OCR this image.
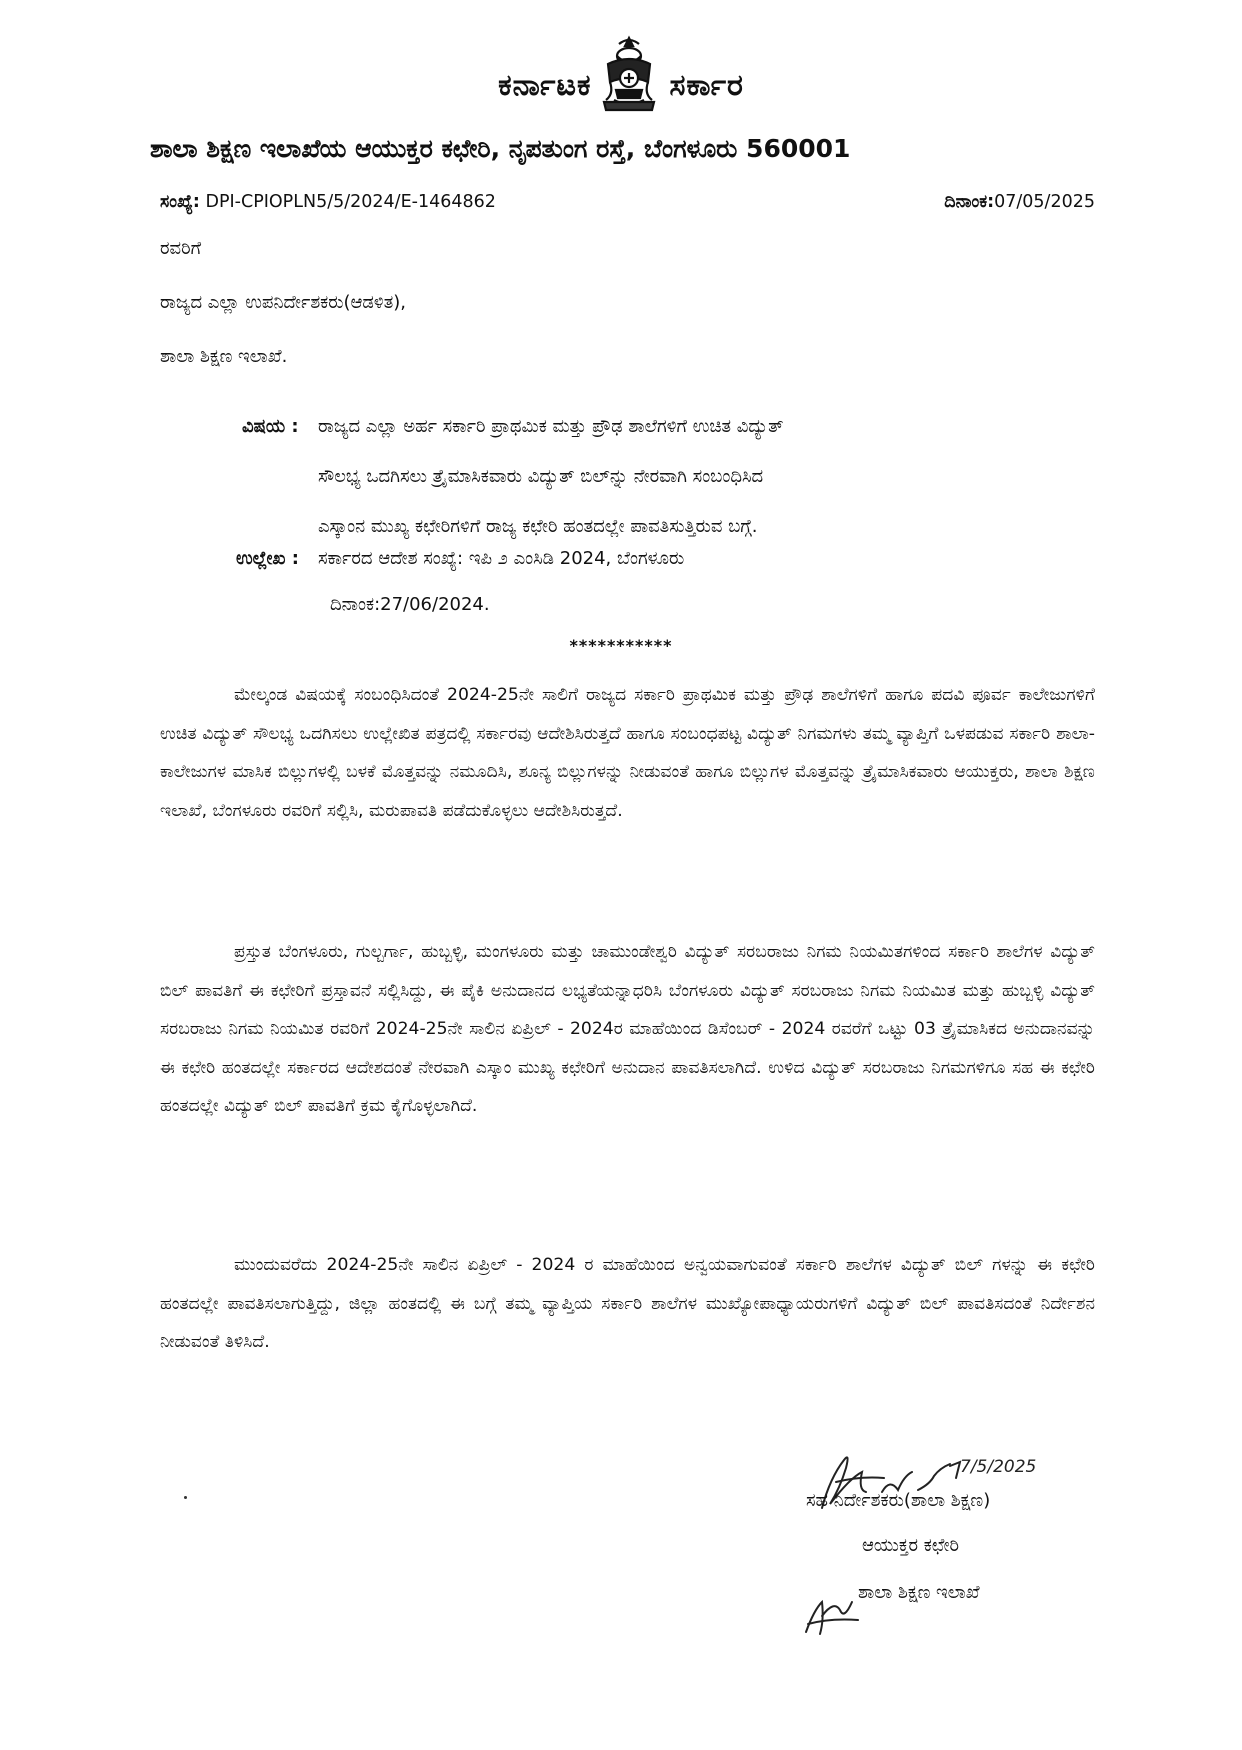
ಕರ್ನಾಟಕ	ಸರ್ಕಾರ
ಶಾಲಾ ಶಿಕ್ಷಣ ಇಲಾಖೆಯ ಆಯುಕ್ತರ ಕಛೇರಿ, ನೃಪತುಂಗ ರಸ್ತೆ, ಬೆಂಗಳೂರು 560001
ಸಂಖ್ಯೆ: DPI-CPIOPLN5/5/2024/E-1464862	ದಿನಾಂಕ:07/05/2025
ರವರಿಗೆ
ರಾಜ್ಯದ ಎಲ್ಲಾ ಉಪನಿರ್ದೇಶಕರು(ಆಡಳಿತ),
ಶಾಲಾ ಶಿಕ್ಷಣ ಇಲಾಖೆ.
ವಿಷಯ : ರಾಜ್ಯದ ಎಲ್ಲಾ ಅರ್ಹ ಸರ್ಕಾರಿ ಪ್ರಾಥಮಿಕ ಮತ್ತು ಪ್ರೌಢ ಶಾಲೆಗಳಿಗೆ ಉಚಿತ ವಿದ್ಯುತ್
ಸೌಲಭ್ಯ ಒದಗಿಸಲು ತ್ರೈಮಾಸಿಕವಾರು ವಿದ್ಯುತ್ ಬಿಲ್‌ನ್ನು ನೇರವಾಗಿ ಸಂಬಂಧಿಸಿದ
ಎಸ್ಕಾಂನ ಮುಖ್ಯ ಕಛೇರಿಗಳಿಗೆ ರಾಜ್ಯ ಕಛೇರಿ ಹಂತದಲ್ಲೇ ಪಾವತಿಸುತ್ತಿರುವ ಬಗ್ಗೆ.
ಉಲ್ಲೇಖ : ಸರ್ಕಾರದ ಆದೇಶ ಸಂಖ್ಯೆ: ಇಪಿ ೨ ಎಂಸಿಡಿ 2024, ಬೆಂಗಳೂರು
ದಿನಾಂಕ:27/06/2024.
***********
ಮೇಲ್ಕಂಡ ವಿಷಯಕ್ಕೆ ಸಂಬಂಧಿಸಿದಂತೆ 2024-25ನೇ ಸಾಲಿಗೆ ರಾಜ್ಯದ ಸರ್ಕಾರಿ ಪ್ರಾಥಮಿಕ ಮತ್ತು ಪ್ರೌಢ ಶಾಲೆಗಳಿಗೆ ಹಾಗೂ ಪದವಿ ಪೂರ್ವ ಕಾಲೇಜುಗಳಿಗೆ ಉಚಿತ ವಿದ್ಯುತ್ ಸೌಲಭ್ಯ ಒದಗಿಸಲು ಉಲ್ಲೇಖಿತ ಪತ್ರದಲ್ಲಿ ಸರ್ಕಾರವು ಆದೇಶಿಸಿರುತ್ತದೆ ಹಾಗೂ ಸಂಬಂಧಪಟ್ಟ ವಿದ್ಯುತ್ ನಿಗಮಗಳು ತಮ್ಮ ವ್ಯಾಪ್ತಿಗೆ ಒಳಪಡುವ ಸರ್ಕಾರಿ ಶಾಲಾ-ಕಾಲೇಜುಗಳ ಮಾಸಿಕ ಬಿಲ್ಲುಗಳಲ್ಲಿ ಬಳಕೆ ಮೊತ್ತವನ್ನು ನಮೂದಿಸಿ, ಶೂನ್ಯ ಬಿಲ್ಲುಗಳನ್ನು ನೀಡುವಂತೆ ಹಾಗೂ ಬಿಲ್ಲುಗಳ ಮೊತ್ತವನ್ನು ತ್ರೈಮಾಸಿಕವಾರು ಆಯುಕ್ತರು, ಶಾಲಾ ಶಿಕ್ಷಣ ಇಲಾಖೆ, ಬೆಂಗಳೂರು ರವರಿಗೆ ಸಲ್ಲಿಸಿ, ಮರುಪಾವತಿ ಪಡೆದುಕೊಳ್ಳಲು ಆದೇಶಿಸಿರುತ್ತದೆ.
ಪ್ರಸ್ತುತ ಬೆಂಗಳೂರು, ಗುಲ್ಬರ್ಗಾ, ಹುಬ್ಬಳ್ಳಿ, ಮಂಗಳೂರು ಮತ್ತು ಚಾಮುಂಡೇಶ್ವರಿ ವಿದ್ಯುತ್ ಸರಬರಾಜು ನಿಗಮ ನಿಯಮಿತಗಳಿಂದ ಸರ್ಕಾರಿ ಶಾಲೆಗಳ ವಿದ್ಯುತ್ ಬಿಲ್ ಪಾವತಿಗೆ ಈ ಕಛೇರಿಗೆ ಪ್ರಸ್ತಾವನೆ ಸಲ್ಲಿಸಿದ್ದು, ಈ ಪೈಕಿ ಅನುದಾನದ ಲಭ್ಯತೆಯನ್ನಾಧರಿಸಿ ಬೆಂಗಳೂರು ವಿದ್ಯುತ್ ಸರಬರಾಜು ನಿಗಮ ನಿಯಮಿತ ಮತ್ತು ಹುಬ್ಬಳ್ಳಿ ವಿದ್ಯುತ್ ಸರಬರಾಜು ನಿಗಮ ನಿಯಮಿತ ರವರಿಗೆ 2024-25ನೇ ಸಾಲಿನ ಏಪ್ರಿಲ್ - 2024ರ ಮಾಹೆಯಿಂದ ಡಿಸೆಂಬರ್ - 2024 ರವರೆಗೆ ಒಟ್ಟು 03 ತ್ರೈಮಾಸಿಕದ ಅನುದಾನವನ್ನು ಈ ಕಛೇರಿ ಹಂತದಲ್ಲೇ ಸರ್ಕಾರದ ಆದೇಶದಂತೆ ನೇರವಾಗಿ ಎಸ್ಕಾಂ ಮುಖ್ಯ ಕಛೇರಿಗೆ ಅನುದಾನ ಪಾವತಿಸಲಾಗಿದೆ. ಉಳಿದ ವಿದ್ಯುತ್ ಸರಬರಾಜು ನಿಗಮಗಳಿಗೂ ಸಹ ಈ ಕಛೇರಿ ಹಂತದಲ್ಲೇ ವಿದ್ಯುತ್ ಬಿಲ್ ಪಾವತಿಗೆ ಕ್ರಮ ಕೈಗೊಳ್ಳಲಾಗಿದೆ.
ಮುಂದುವರೆದು 2024-25ನೇ ಸಾಲಿನ ಏಪ್ರಿಲ್ - 2024 ರ ಮಾಹೆಯಿಂದ ಅನ್ವಯವಾಗುವಂತೆ ಸರ್ಕಾರಿ ಶಾಲೆಗಳ ವಿದ್ಯುತ್ ಬಿಲ್ ಗಳನ್ನು ಈ ಕಛೇರಿ ಹಂತದಲ್ಲೇ ಪಾವತಿಸಲಾಗುತ್ತಿದ್ದು, ಜಿಲ್ಲಾ ಹಂತದಲ್ಲಿ ಈ ಬಗ್ಗೆ ತಮ್ಮ ವ್ಯಾಪ್ತಿಯ ಸರ್ಕಾರಿ ಶಾಲೆಗಳ ಮುಖ್ಯೋಪಾಧ್ಯಾಯರುಗಳಿಗೆ ವಿದ್ಯುತ್ ಬಿಲ್ ಪಾವತಿಸದಂತೆ ನಿರ್ದೇಶನ ನೀಡುವಂತೆ ತಿಳಿಸಿದೆ.
7/5/2025
ಸಹ ನಿರ್ದೇಶಕರು(ಶಾಲಾ ಶಿಕ್ಷಣ)
ಆಯುಕ್ತರ ಕಛೇರಿ
ಶಾಲಾ ಶಿಕ್ಷಣ ಇಲಾಖೆ
